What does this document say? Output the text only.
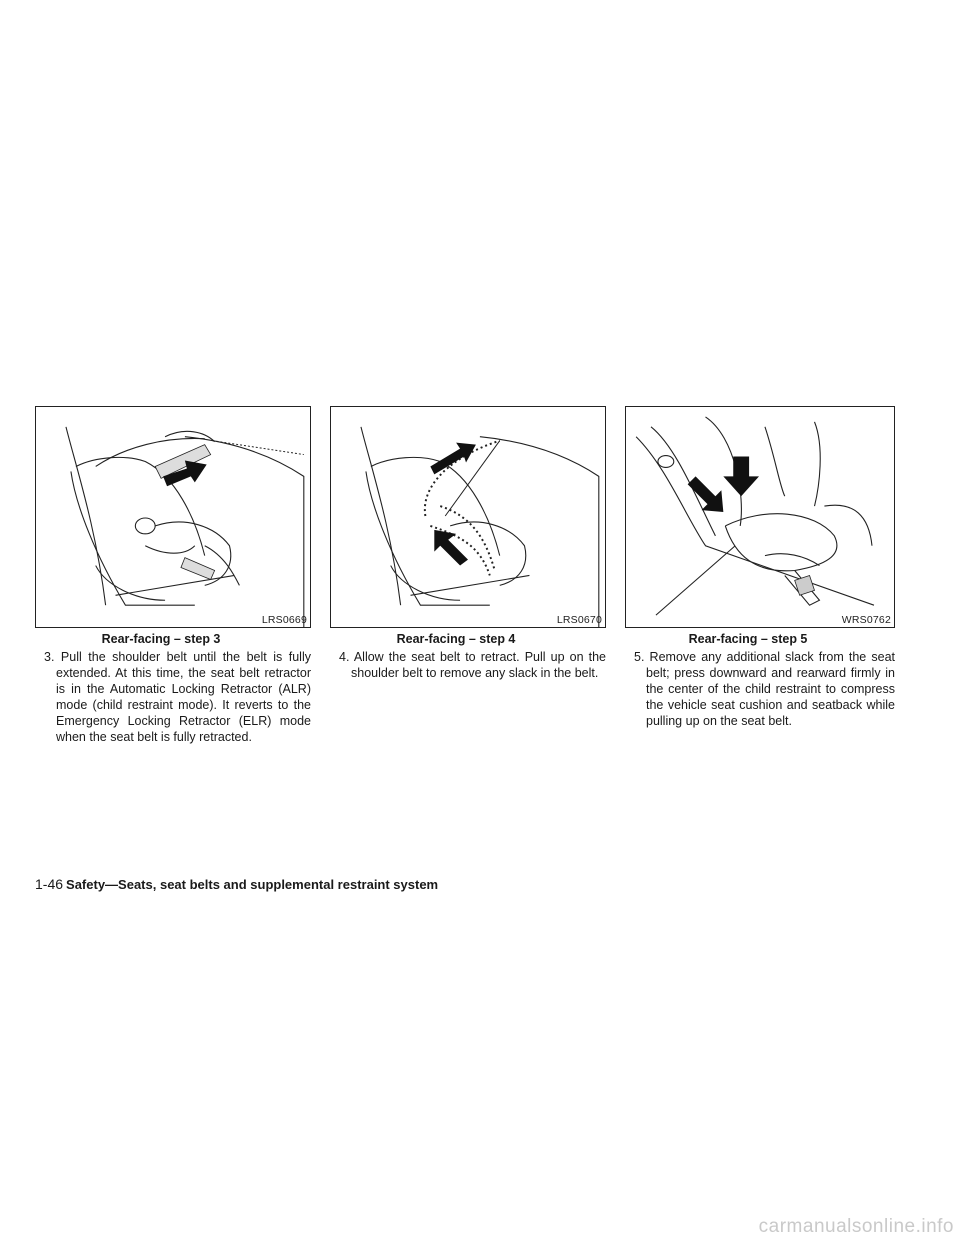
LRS0669
Rear-facing – step 3
3. Pull the shoulder belt until the belt is fully extended. At this time, the seat belt retractor is in the Automatic Locking Retractor (ALR) mode (child restraint mode). It reverts to the Emergency Locking Retractor (ELR) mode when the seat belt is fully retracted.
LRS0670
Rear-facing – step 4
4. Allow the seat belt to retract. Pull up on the shoulder belt to remove any slack in the belt.
WRS0762
Rear-facing – step 5
5. Remove any additional slack from the seat belt; press downward and rearward firmly in the center of the child restraint to compress the vehicle seat cushion and seatback while pulling up on the seat belt.
1-46 Safety—Seats, seat belts and supplemental restraint system
carmanualsonline.info
